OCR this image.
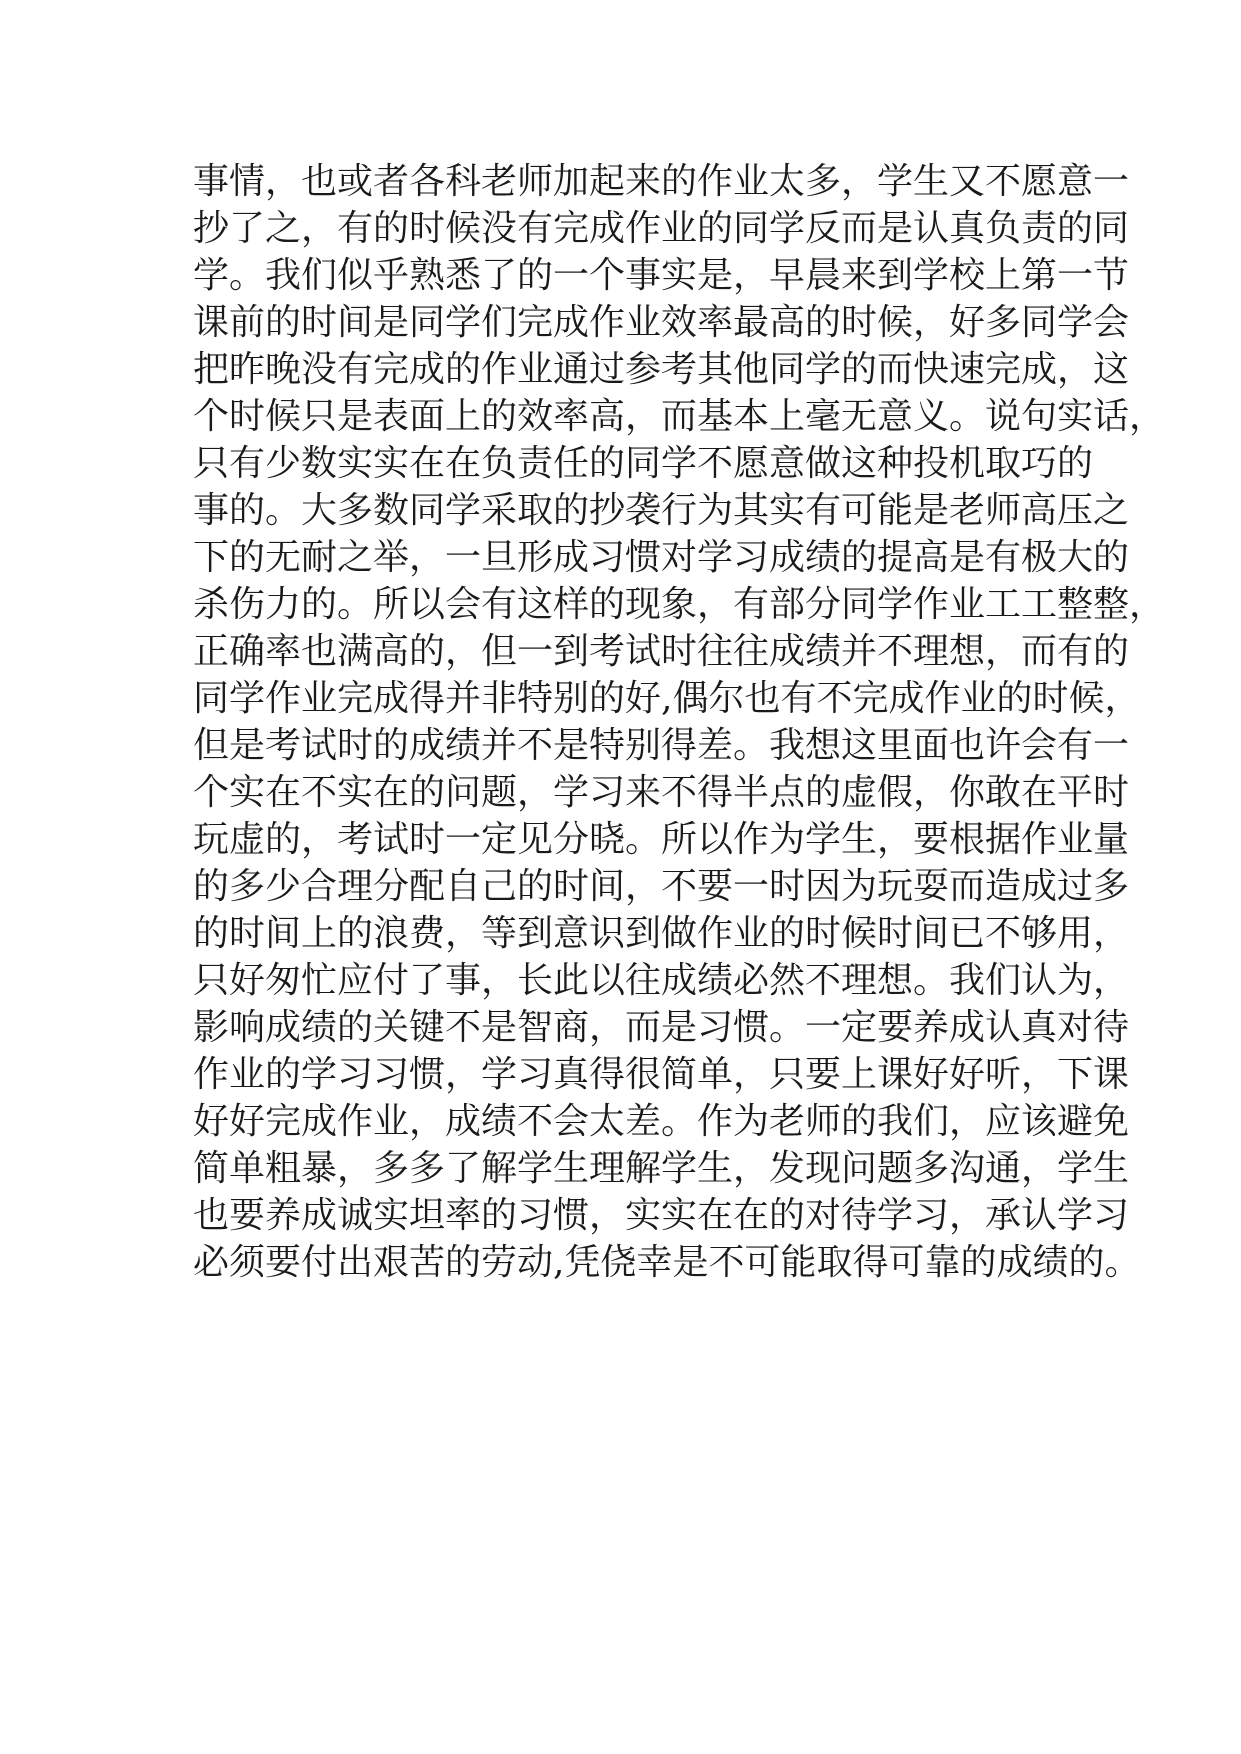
事情，也或者各科老师加起来的作业太多，学生又不愿意一
抄了之，有的时候没有完成作业的同学反而是认真负责的同
学。我们似乎熟悉了的一个事实是，早晨来到学校上第一节
课前的时间是同学们完成作业效率最高的时候，好多同学会
把昨晚没有完成的作业通过参考其他同学的而快速完成，这
个时候只是表面上的效率高，而基本上毫无意义。说句实话，
只有少数实实在在负责任的同学不愿意做这种投机取巧的
事的。大多数同学采取的抄袭行为其实有可能是老师高压之
下的无耐之举，一旦形成习惯对学习成绩的提高是有极大的
杀伤力的。所以会有这样的现象，有部分同学作业工工整整，
正确率也满高的，但一到考试时往往成绩并不理想，而有的
同学作业完成得并非特别的好,偶尔也有不完成作业的时候，
但是考试时的成绩并不是特别得差。我想这里面也许会有一
个实在不实在的问题，学习来不得半点的虚假，你敢在平时
玩虚的，考试时一定见分晓。所以作为学生，要根据作业量
的多少合理分配自己的时间，不要一时因为玩耍而造成过多
的时间上的浪费，等到意识到做作业的时候时间已不够用，
只好匆忙应付了事，长此以往成绩必然不理想。我们认为，
影响成绩的关键不是智商，而是习惯。一定要养成认真对待
作业的学习习惯，学习真得很简单，只要上课好好听，下课
好好完成作业，成绩不会太差。作为老师的我们，应该避免
简单粗暴，多多了解学生理解学生，发现问题多沟通，学生
也要养成诚实坦率的习惯，实实在在的对待学习，承认学习
必须要付出艰苦的劳动,凭侥幸是不可能取得可靠的成绩的。
